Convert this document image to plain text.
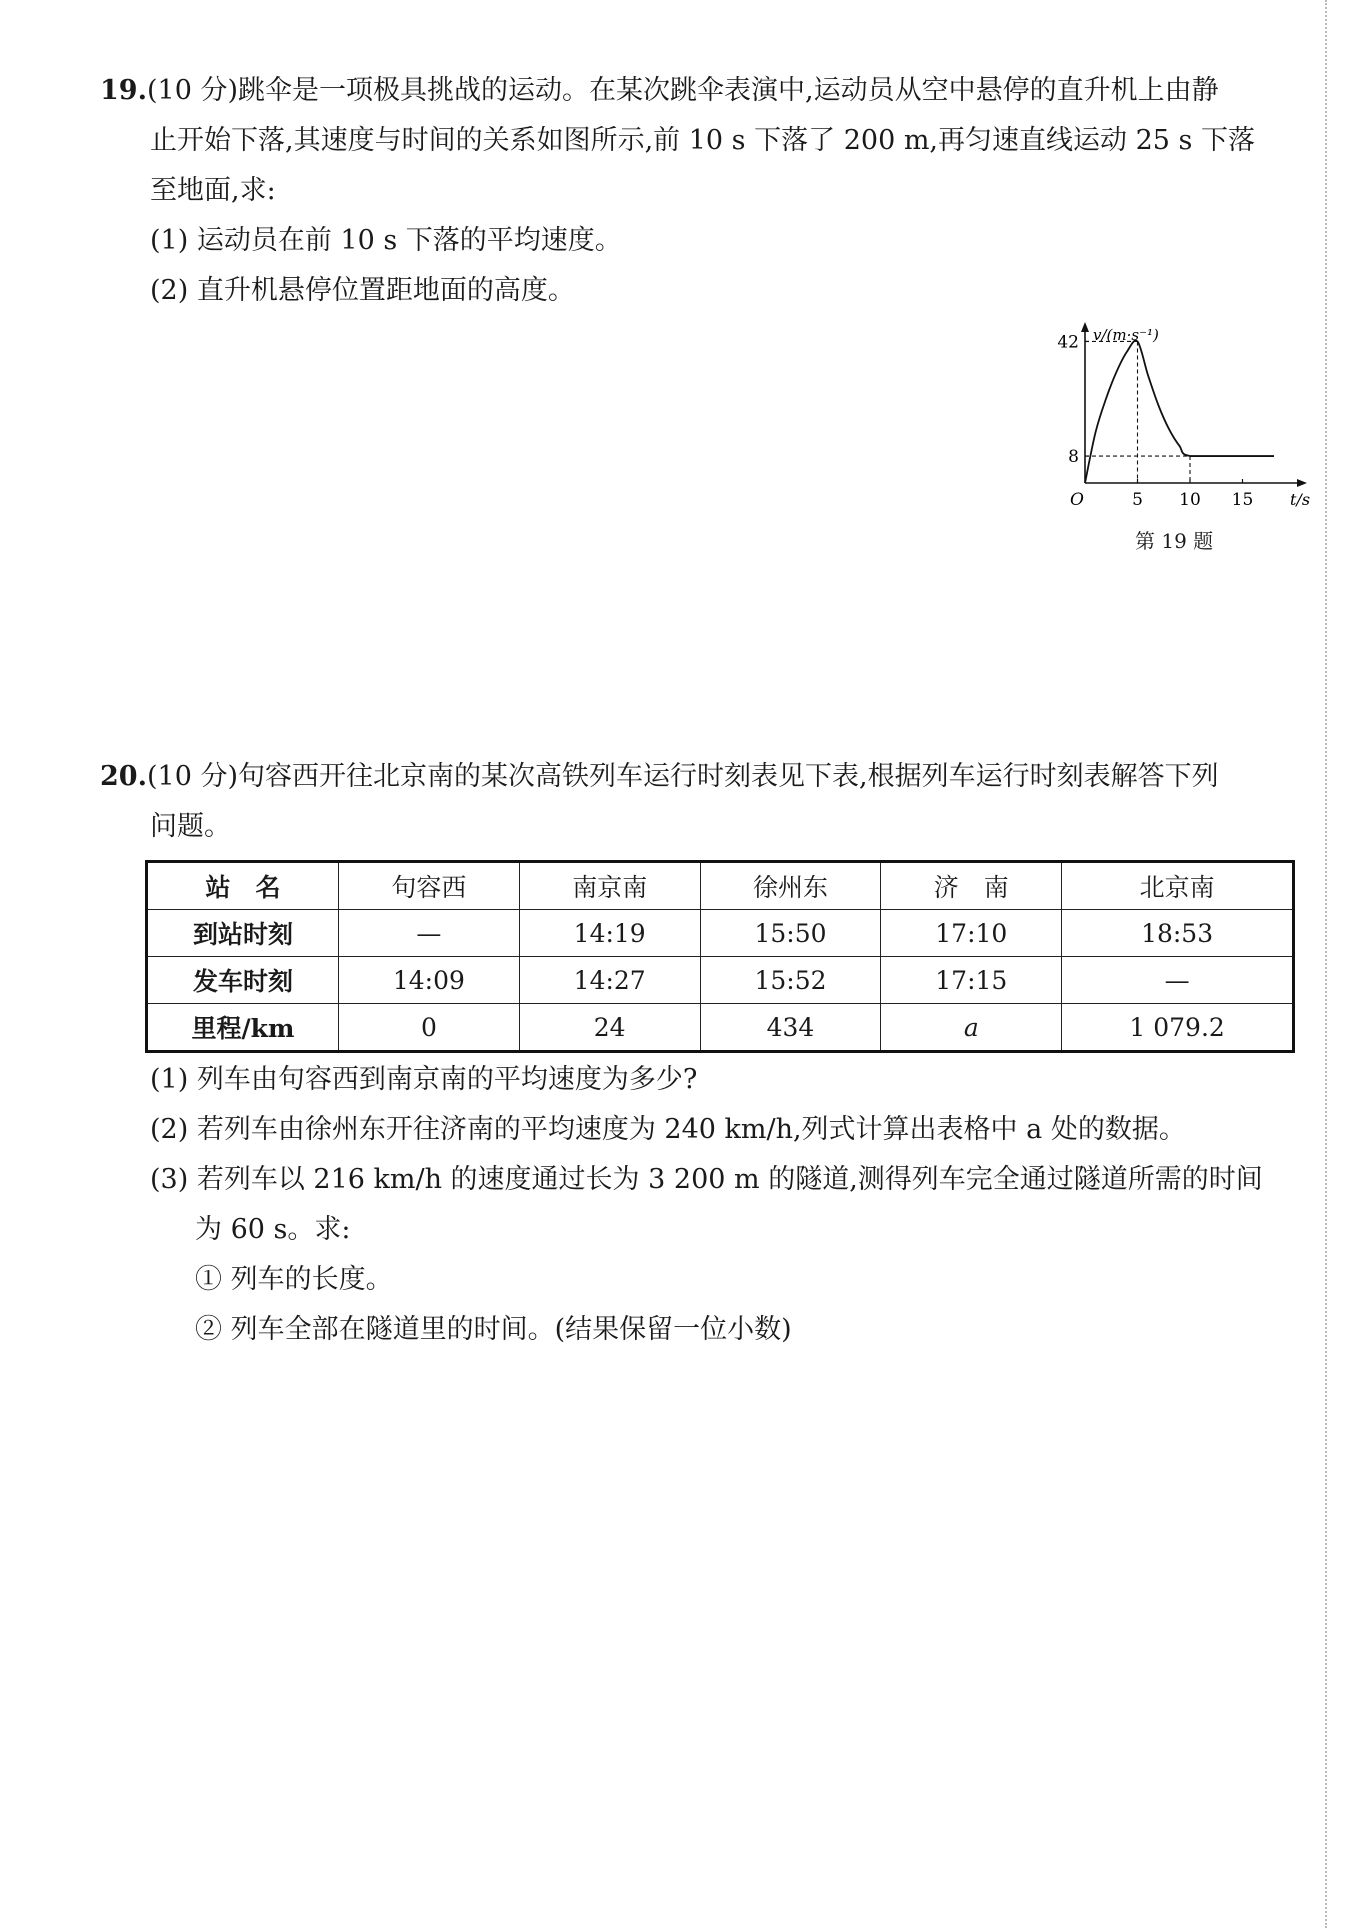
19.(10 分)跳伞是一项极具挑战的运动。在某次跳伞表演中,运动员从空中悬停的直升机上由静
止开始下落,其速度与时间的关系如图所示,前 10 s 下落了 200 m,再匀速直线运动 25 s 下落
至地面,求:
(1) 运动员在前 10 s 下落的平均速度。
(2) 直升机悬停位置距地面的高度。
v/(m·s⁻¹)
t/s
O	5 10 15
8
42
第 19 题
20.(10 分)句容西开往北京南的某次高铁列车运行时刻表见下表,根据列车运行时刻表解答下列
问题。
站　名	句容西	南京南	徐州东	济　南	北京南
到站时刻	—	14:19	15:50	17:10	18:53
发车时刻	14:09	14:27	15:52	17:15	—
里程/km	0	24	434	a	1 079.2
(1) 列车由句容西到南京南的平均速度为多少?
(2) 若列车由徐州东开往济南的平均速度为 240 km/h,列式计算出表格中 a 处的数据。
(3) 若列车以 216 km/h 的速度通过长为 3 200 m 的隧道,测得列车完全通过隧道所需的时间
为 60 s。求:
① 列车的长度。
② 列车全部在隧道里的时间。(结果保留一位小数)
